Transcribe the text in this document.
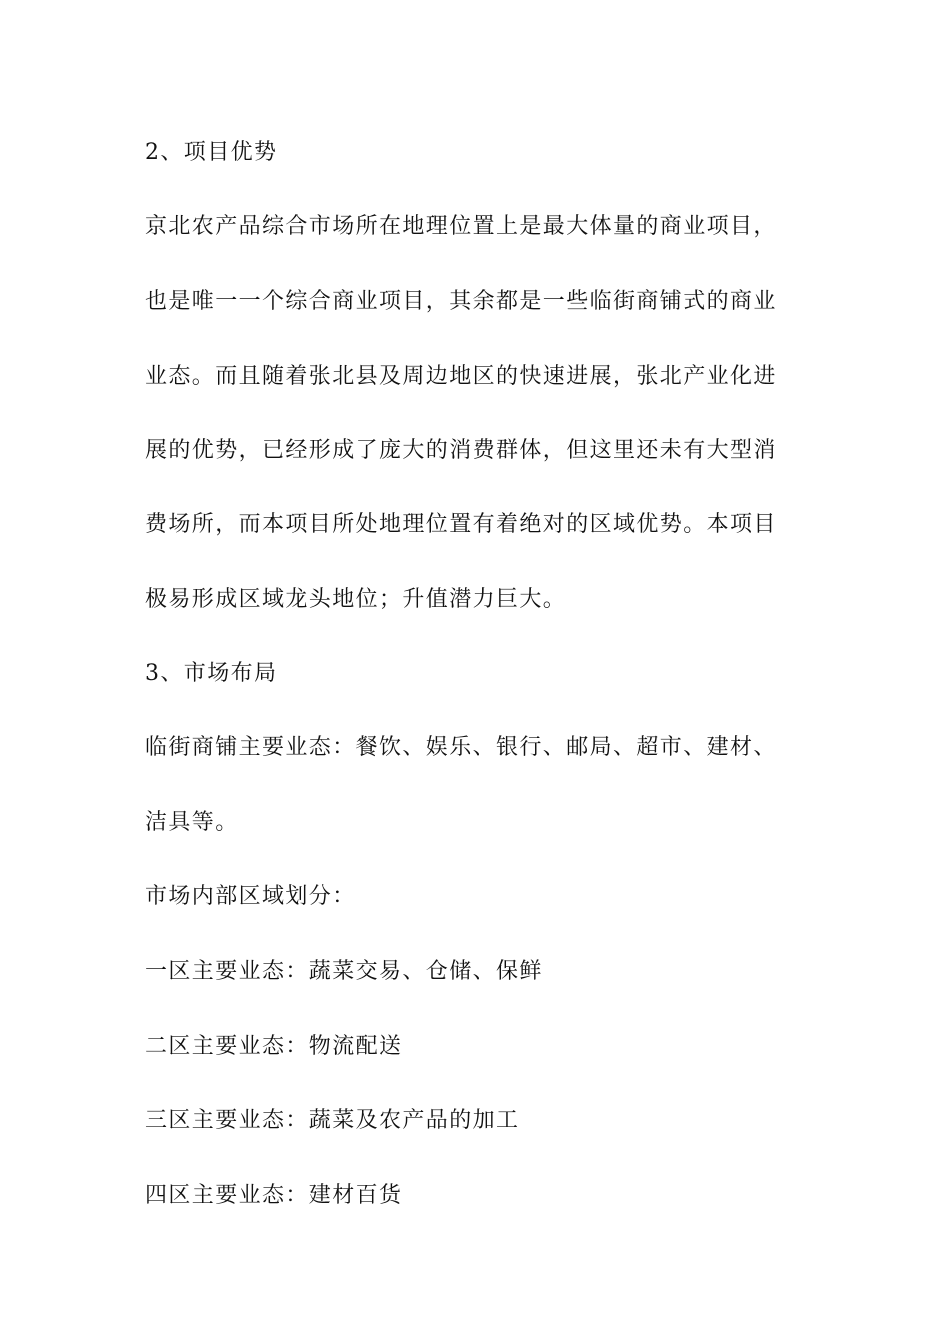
2、项目优势
京北农产品综合市场所在地理位置上是最大体量的商业项目，
也是唯一一个综合商业项目，其余都是一些临街商铺式的商业
业态。而且随着张北县及周边地区的快速进展，张北产业化进
展的优势，已经形成了庞大的消费群体，但这里还未有大型消
费场所，而本项目所处地理位置有着绝对的区域优势。本项目
极易形成区域龙头地位；升值潜力巨大。
3、市场布局
临街商铺主要业态：餐饮、娱乐、银行、邮局、超市、建材、
洁具等。
市场内部区域划分：
一区主要业态：蔬菜交易、仓储、保鲜
二区主要业态：物流配送
三区主要业态：蔬菜及农产品的加工
四区主要业态：建材百货
